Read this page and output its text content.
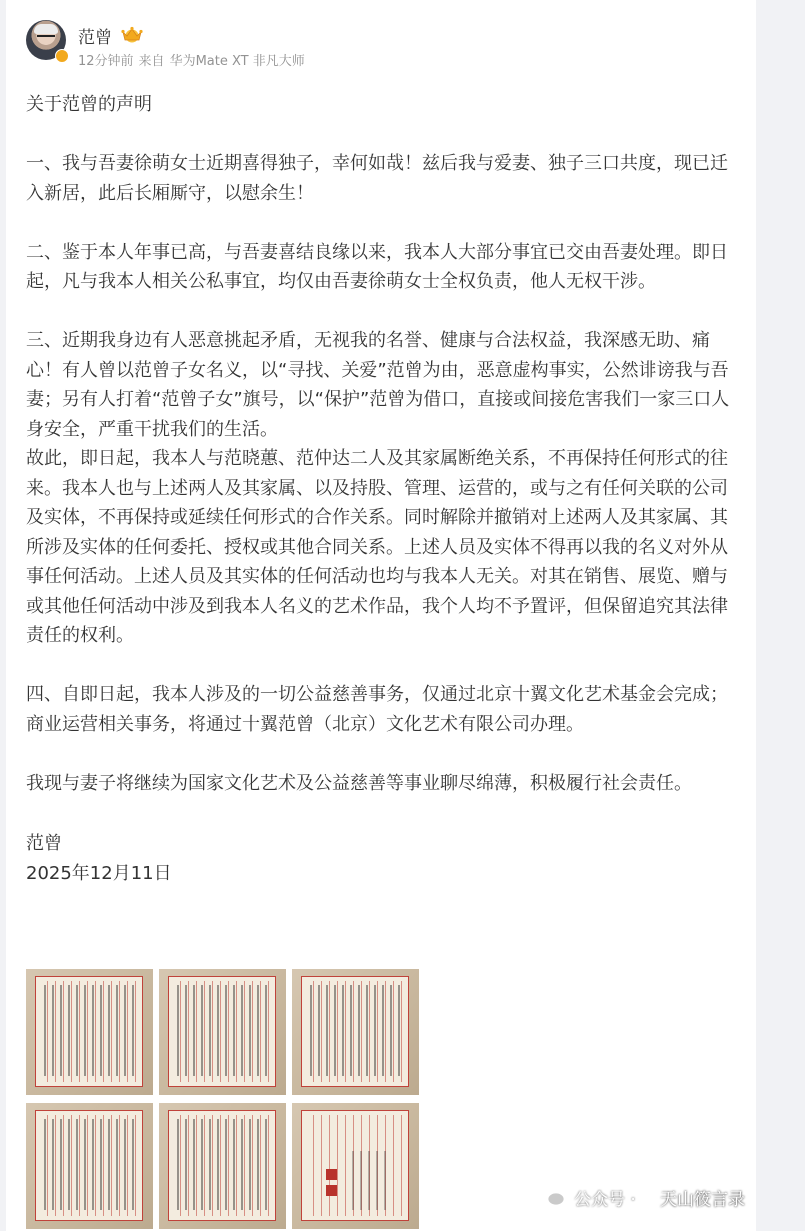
范曾
12分钟前 来自 华为Mate XT 非凡大师

关于范曾的声明

一、我与吾妻徐萌女士近期喜得独子，幸何如哉！兹后我与爱妻、独子三口共度，现已迁入新居，此后长厢厮守，以慰余生！

二、鉴于本人年事已高，与吾妻喜结良缘以来，我本人大部分事宜已交由吾妻处理。即日起，凡与我本人相关公私事宜，均仅由吾妻徐萌女士全权负责，他人无权干涉。

三、近期我身边有人恶意挑起矛盾，无视我的名誉、健康与合法权益，我深感无助、痛心！有人曾以范曾子女名义，以“寻找、关爱”范曾为由，恶意虚构事实，公然诽谤我与吾妻；另有人打着“范曾子女”旗号，以“保护”范曾为借口，直接或间接危害我们一家三口人身安全，严重干扰我们的生活。

故此，即日起，我本人与范晓蕙、范仲达二人及其家属断绝关系，不再保持任何形式的往来。我本人也与上述两人及其家属、以及持股、管理、运营的，或与之有任何关联的公司及实体，不再保持或延续任何形式的合作关系。同时解除并撤销对上述两人及其家属、其所涉及实体的任何委托、授权或其他合同关系。上述人员及实体不得再以我的名义对外从事任何活动。上述人员及其实体的任何活动也均与我本人无关。对其在销售、展览、赠与或其他任何活动中涉及到我本人名义的艺术作品，我个人均不予置评，但保留追究其法律责任的权利。

四、自即日起，我本人涉及的一切公益慈善事务，仅通过北京十翼文化艺术基金会完成；商业运营相关事务，将通过十翼范曾（北京）文化艺术有限公司办理。

我现与妻子将继续为国家文化艺术及公益慈善等事业聊尽绵薄，积极履行社会责任。

范曾

2025年12月11日

公众号 · 天山筱言录
